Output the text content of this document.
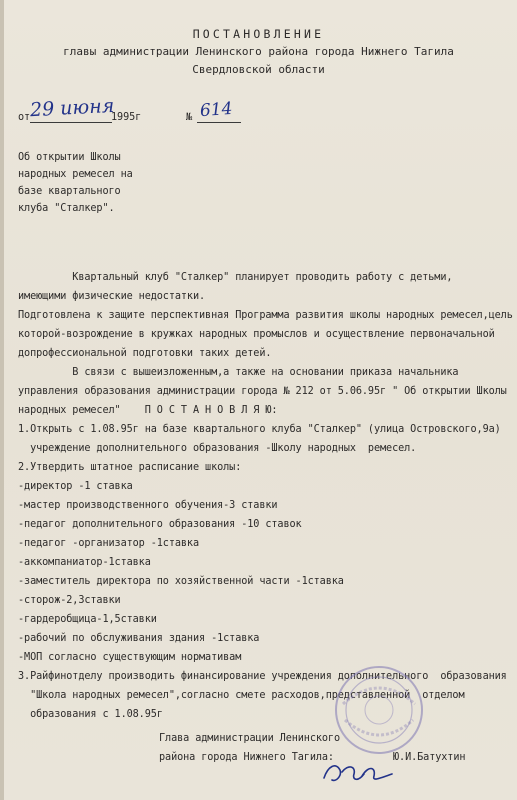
ПОСТАНОВЛЕНИЕ
главы администрации Ленинского района города Нижнего Тагила
Свердловской области
от 29 июня
1995г	№ 614
Об открытии Школы
народных ремесел на
базе квартального
клуба "Сталкер".
Квартальный клуб "Сталкер" планирует проводить работу с детьми,
имеющими физические недостатки.
Подготовлена к защите перспективная Программа развития школы народных ремесел,цель
которой-возрождение в кружках народных промыслов и осуществление первоначальной
допрофессиональной подготовки таких детей.
В связи с вышеизложенным,а также на основании приказа начальника
управления образования администрации города № 212 от 5.06.95г " Об открытии Школы
народных ремесел"    П О С Т А Н О В Л Я Ю:
1.Открыть с 1.08.95г на базе квартального клуба "Сталкер" (улица Островского,9а)
учреждение дополнительного образования -Школу народных  ремесел.
2.Утвердить штатное расписание школы:
-директор -1 ставка
-мастер производственного обучения-3 ставки
-педагог дополнительного образования -10 ставок
-педагог -организатор -1ставка
-аккомпаниатор-1ставка
-заместитель директора по хозяйственной части -1ставка
-сторож-2,3ставки
-гардеробщица-1,5ставки
-рабочий по обслуживания здания -1ставка
-МОП согласно существующим нормативам
3.Райфинотделу производить финансирование учреждения дополнительного  образования
"Школа народных ремесел",согласно смете расходов,представленной  отделом
образования с 1.08.95г
Глава администрации Ленинского
района города Нижнего Тагила:	Ю.И.Батухтин
